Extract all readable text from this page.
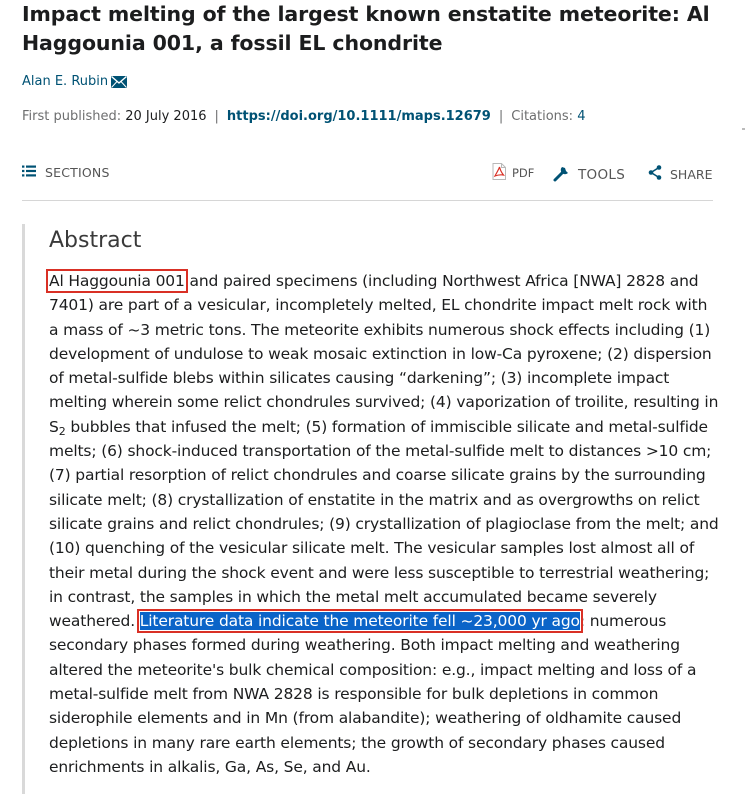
Impact melting of the largest known enstatite meteorite: Al Haggounia 001, a fossil EL chondrite
Alan E. Rubin
First published:
20 July 2016 | https://doi.org/10.1111/maps.12679 | Citations:
4
SECTIONS	PDF	TOOLS	SHARE
Abstract

Al Haggounia 001 and paired specimens (including Northwest Africa [NWA] 2828 and 7401) are part of a vesicular, incompletely melted, EL chondrite impact melt rock with a mass of ~3 metric tons. The meteorite exhibits numerous shock effects including (1) development of undulose to weak mosaic extinction in low-Ca pyroxene; (2) dispersion of metal-sulfide blebs within silicates causing “darkening”; (3) incomplete impact melting wherein some relict chondrules survived; (4) vaporization of troilite, resulting in $S_2$ bubbles that infused the melt; (5) formation of immiscible silicate and metal-sulfide melts; (6) shock-induced transportation of the metal-sulfide melt to distances >10 cm; (7) partial resorption of relict chondrules and coarse silicate grains by the surrounding silicate melt; (8) crystallization of enstatite in the matrix and as overgrowths on relict silicate grains and relict chondrules; (9) crystallization of plagioclase from the melt; and (10) quenching of the vesicular silicate melt. The vesicular samples lost almost all of their metal during the shock event and were less susceptible to terrestrial weathering; in contrast, the samples in which the metal melt accumulated became severely weathered. Literature data indicate the meteorite fell ~23,000 yr ago; numerous secondary phases formed during weathering. Both impact melting and weathering altered the meteorite's bulk chemical composition: e.g., impact melting and loss of a metal-sulfide melt from NWA 2828 is responsible for bulk depletions in common siderophile elements and in Mn (from alabandite); weathering of oldhamite caused depletions in many rare earth elements; the growth of secondary phases caused enrichments in alkalis, Ga, As, Se, and Au.
